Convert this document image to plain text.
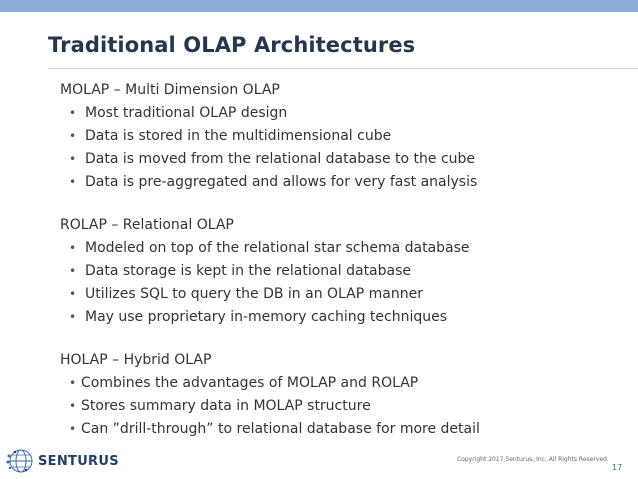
Traditional OLAP Architectures
MOLAP – Multi Dimension OLAP
• Most traditional OLAP design
• Data is stored in the multidimensional cube
• Data is moved from the relational database to the cube
• Data is pre-aggregated and allows for very fast analysis
ROLAP – Relational OLAP
• Modeled on top of the relational star schema database
• Data storage is kept in the relational database
• Utilizes SQL to query the DB in an OLAP manner
• May use proprietary in-memory caching techniques
HOLAP – Hybrid OLAP
• Combines the advantages of MOLAP and ROLAP
• Stores summary data in MOLAP structure
• Can ”drill-through” to relational database for more detail
SENTURUS	Copyright 2017 Senturus, Inc. All Rights Reserved.
17
